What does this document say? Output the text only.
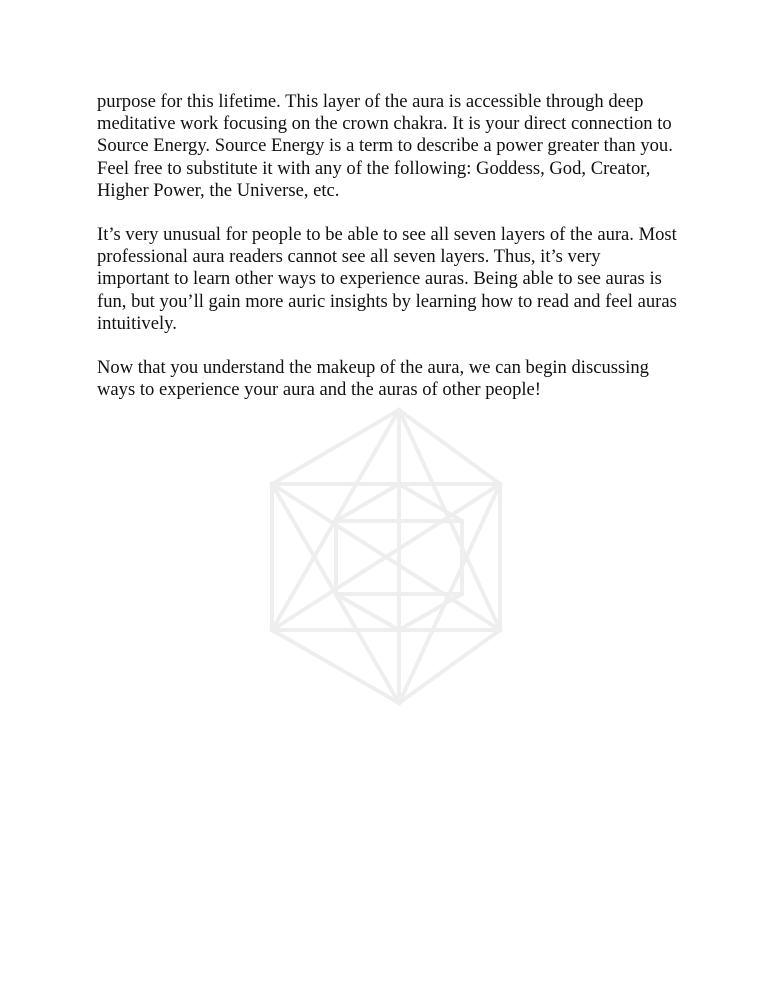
purpose for this lifetime. This layer of the aura is accessible through deep meditative work focusing on the crown chakra. It is your direct connection to Source Energy. Source Energy is a term to describe a power greater than you. Feel free to substitute it with any of the following: Goddess, God, Creator, Higher Power, the Universe, etc.

It’s very unusual for people to be able to see all seven layers of the aura. Most professional aura readers cannot see all seven layers. Thus, it’s very important to learn other ways to experience auras. Being able to see auras is fun, but you’ll gain more auric insights by learning how to read and feel auras intuitively.

Now that you understand the makeup of the aura, we can begin discussing ways to experience your aura and the auras of other people!
